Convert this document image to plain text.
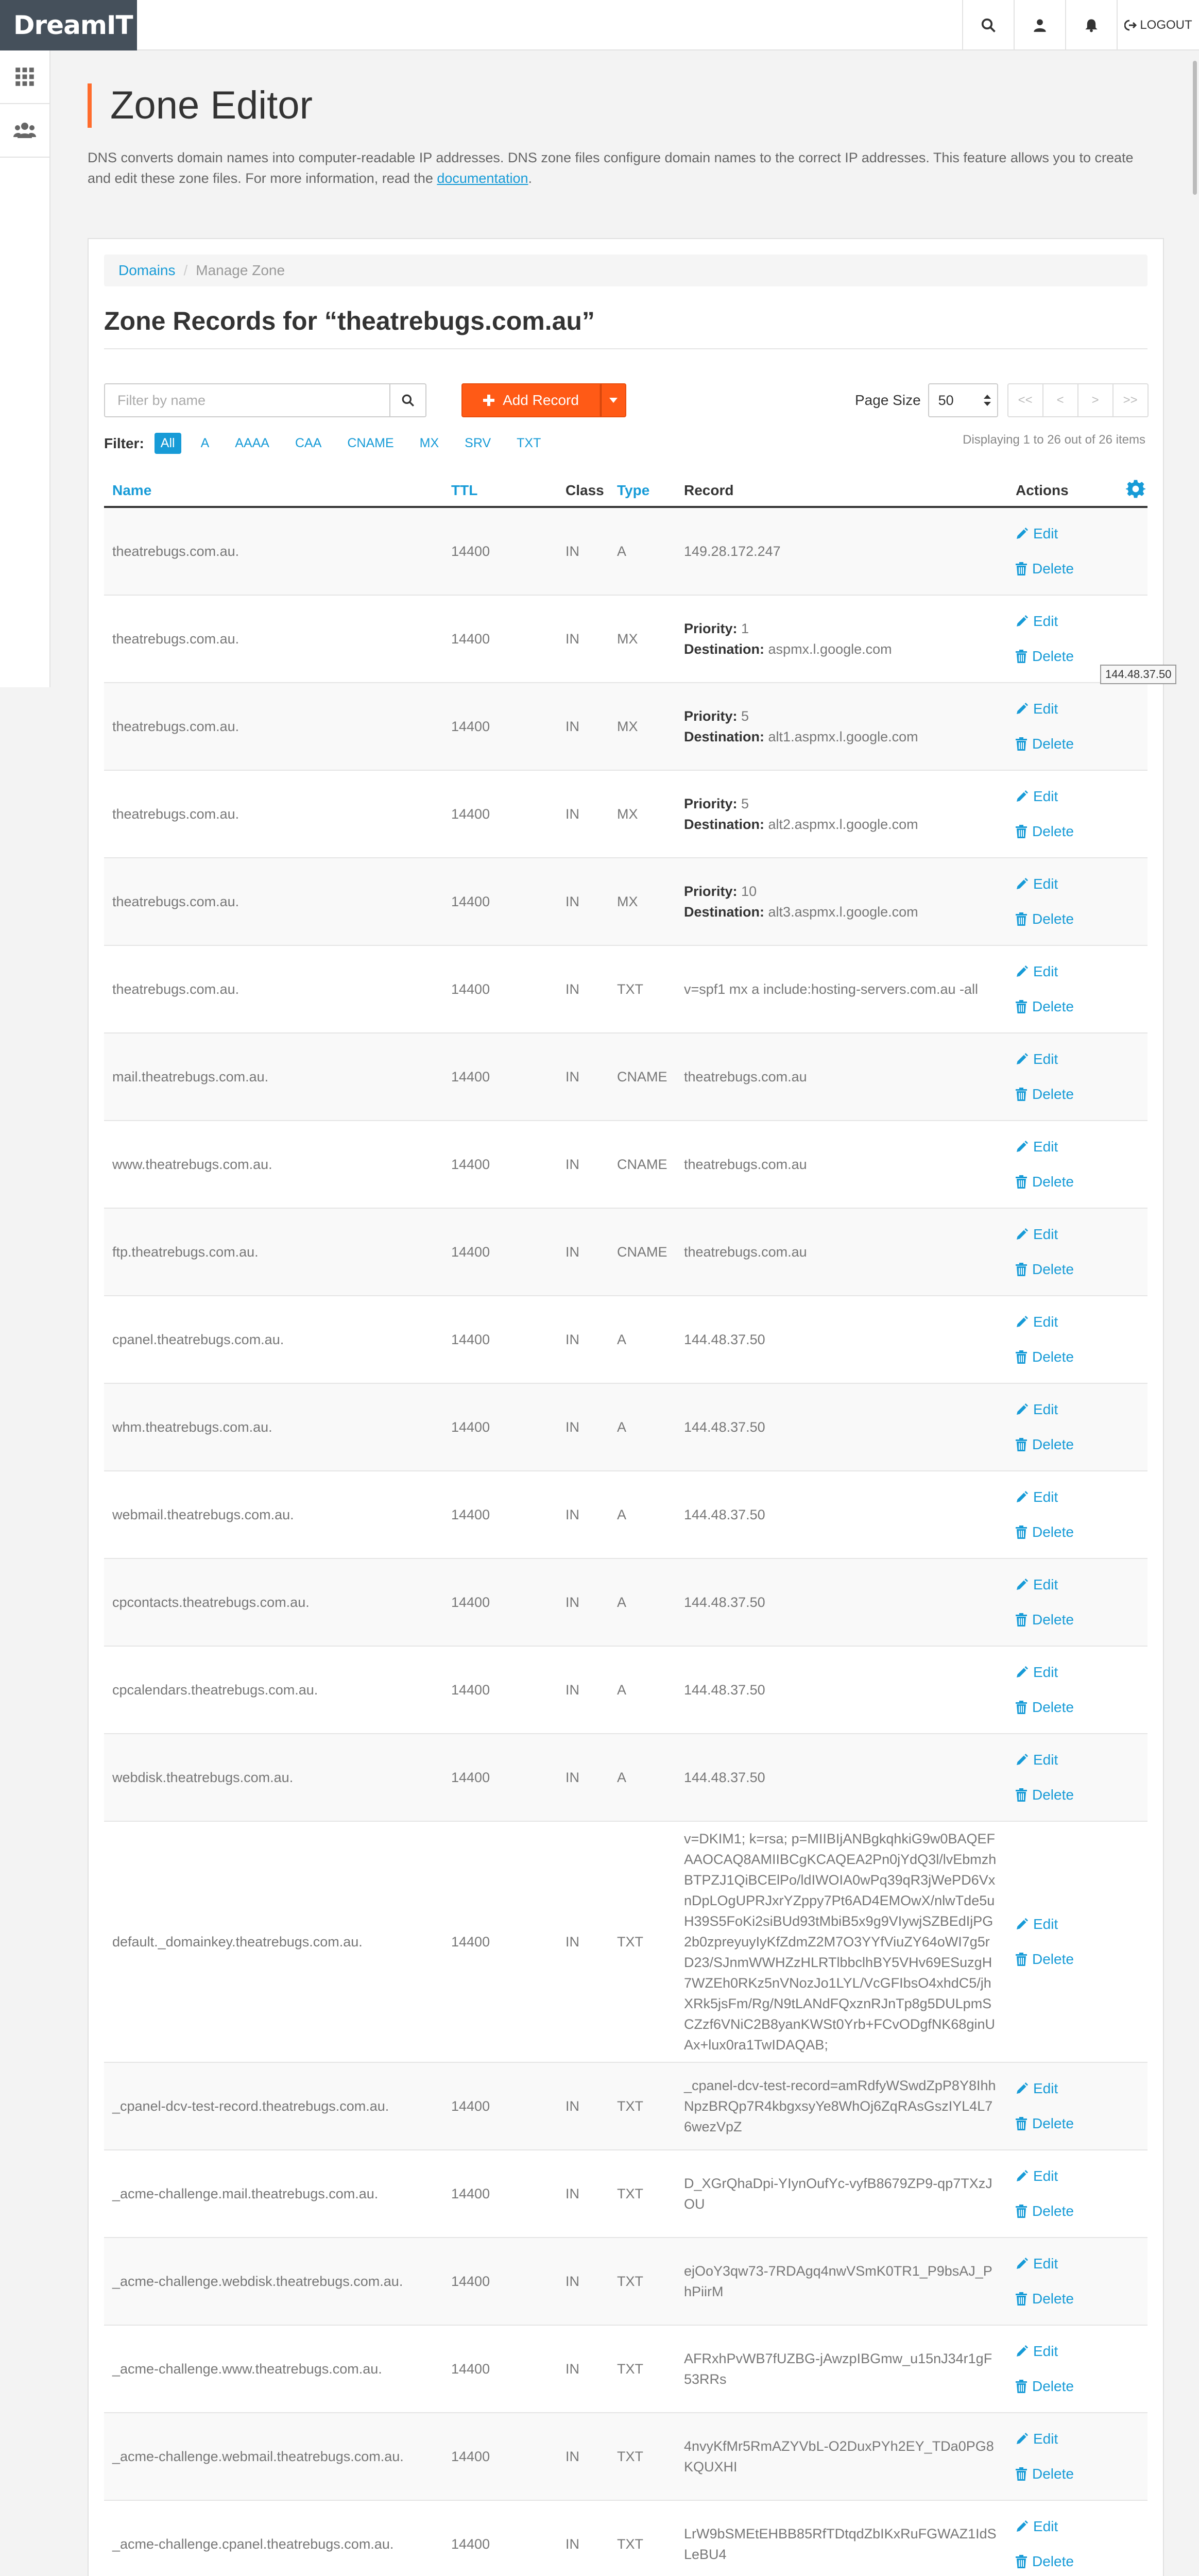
DreamIT	LOGOUT
Zone Editor

DNS converts domain names into computer-readable IP addresses. DNS zone files configure domain names to the correct IP addresses. This feature allows you to create and edit these zone files. For more information, read the documentation.

Domains / Manage Zone
Zone Records for “theatrebugs.com.au”
Filter by name
Add Record	Page Size 50	<<	<	>	>>
Filter:	All	A	AAAA	CAA	CNAME	MX	SRV	TXT	Displaying 1 to 26 out of 26 items
Name	TTL	Class Type Record	Actions
theatrebugs.com.au.	14400	IN	A	149.28.172.247
Edit
Delete
theatrebugs.com.au.	14400	IN	MX
Priority: 1
Destination: aspmx.l.google.com
Edit
Delete
theatrebugs.com.au.	14400	IN	MX
Priority: 5
Destination: alt1.aspmx.l.google.com
Edit
Delete
theatrebugs.com.au.	14400	IN	MX
Priority: 5
Destination: alt2.aspmx.l.google.com
Edit
Delete
theatrebugs.com.au.	14400	IN	MX
Priority: 10
Destination: alt3.aspmx.l.google.com
Edit
Delete
theatrebugs.com.au.	14400	IN	TXT	v=spf1 mx a include:hosting-servers.com.au -all
Edit
Delete
mail.theatrebugs.com.au.	14400	IN	CNAME theatrebugs.com.au
Edit
Delete
www.theatrebugs.com.au.	14400	IN	CNAME theatrebugs.com.au
Edit
Delete
ftp.theatrebugs.com.au.	14400	IN	CNAME theatrebugs.com.au
Edit
Delete
cpanel.theatrebugs.com.au.	14400	IN	A	144.48.37.50
Edit
Delete
whm.theatrebugs.com.au.	14400	IN	A	144.48.37.50
Edit
Delete
webmail.theatrebugs.com.au.	14400	IN	A	144.48.37.50
Edit
Delete
cpcontacts.theatrebugs.com.au.	14400	IN	A	144.48.37.50
Edit
Delete
cpcalendars.theatrebugs.com.au.	14400	IN	A	144.48.37.50
Edit
Delete
webdisk.theatrebugs.com.au.	14400	IN	A	144.48.37.50
Edit
Delete
default._domainkey.theatrebugs.com.au.	14400	IN	TXT
v=DKIM1; k=rsa; p=MIIBIjANBgkqhkiG9w0BAQEFAAOCAQ8AMIIBCgKCAQEA2Pn0jYdQ3l/lvEbmzhBTPZJ1QiBCElPo/ldIWOIA0wPq39qR3jWePD6VxnDpLOgUPRJxrYZppy7Pt6AD4EMOwX/nlwTde5uH39S5FoKi2siBUd93tMbiB5x9g9VIywjSZBEdIjPG2b0zpreyuyIyKfZdmZ2M7O3YYfViuZY64oWI7g5rD23/SJnmWWHZzHLRTlbbclhBY5VHv69ESuzgH7WZEh0RKz5nVNozJo1LYL/VcGFIbsO4xhdC5/jhXRk5jsFm/Rg/N9tLANdFQxznRJnTp8g5DULpmSCZzf6VNiC2B8yanKWSt0Yrb+FCvODgfNK68ginUAx+lux0ra1TwIDAQAB;
Edit
Delete
_cpanel-dcv-test-record.theatrebugs.com.au.	14400	IN	TXT
_cpanel-dcv-test-record=amRdfyWSwdZpP8Y8IhhNpzBRQp7R4kbgxsyYe8WhOj6ZqRAsGszIYL4L76wezVpZ
Edit
Delete
_acme-challenge.mail.theatrebugs.com.au.	14400	IN	TXT
D_XGrQhaDpi-YIynOufYc-vyfB8679ZP9-qp7TXzJOU
Edit
Delete
_acme-challenge.webdisk.theatrebugs.com.au.	14400	IN	TXT
ejOoY3qw73-7RDAgq4nwVSmK0TR1_P9bsAJ_PhPiirM
Edit
Delete
_acme-challenge.www.theatrebugs.com.au.	14400	IN	TXT
AFRxhPvWB7fUZBG-jAwzpIBGmw_u15nJ34r1gF53RRs
Edit
Delete
_acme-challenge.webmail.theatrebugs.com.au.	14400	IN	TXT
4nvyKfMr5RmAZYVbL-O2DuxPYh2EY_TDa0PG8KQUXHI
Edit
Delete
_acme-challenge.cpanel.theatrebugs.com.au.	14400	IN	TXT
LrW9bSMEtEHBB85RfTDtqdZbIKxRuFGWAZ1IdSLeBU4
Edit
Delete
144.48.37.50
